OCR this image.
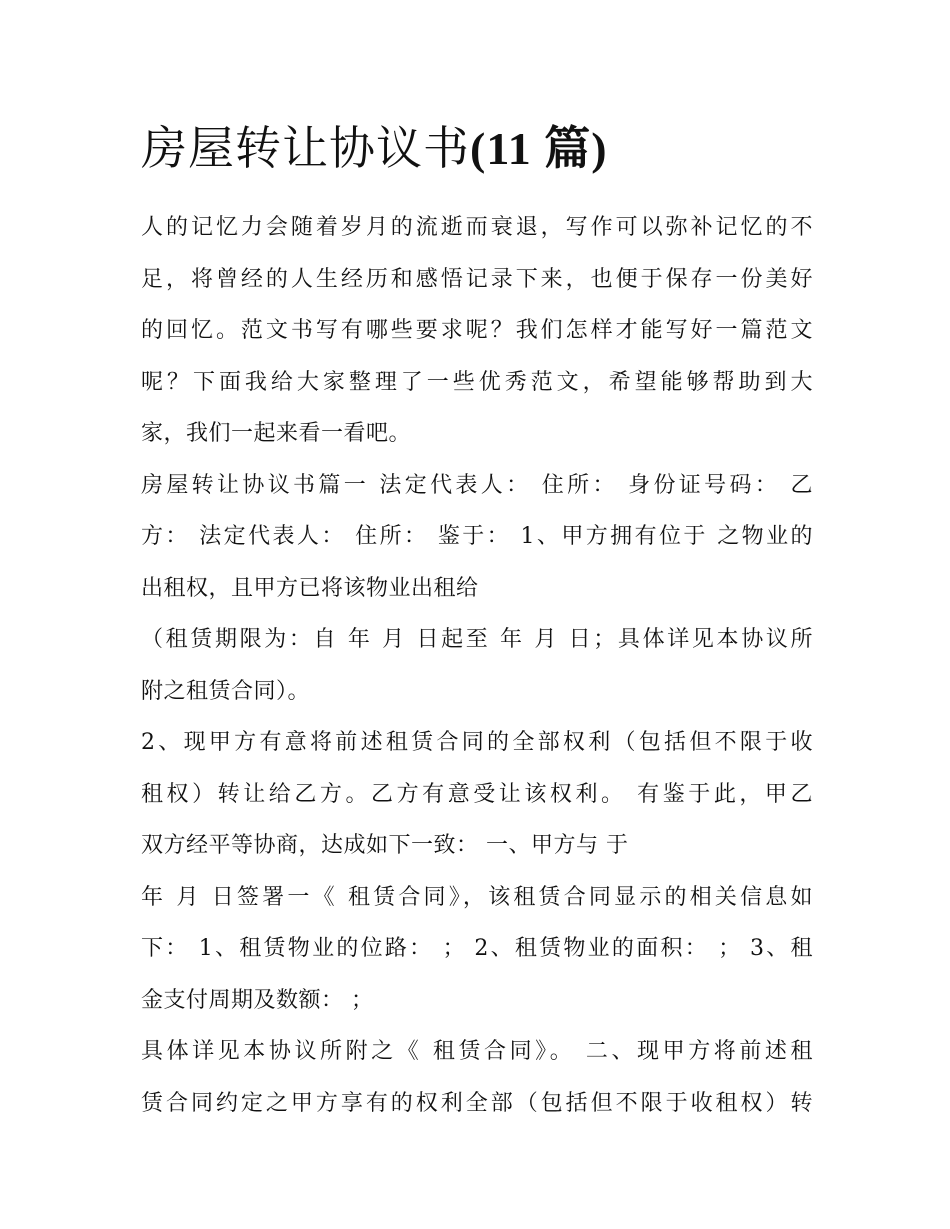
房屋转让协议书(11 篇)
人的记忆力会随着岁月的流逝而衰退，写作可以弥补记忆的不
足，将曾经的人生经历和感悟记录下来，也便于保存一份美好
的回忆。范文书写有哪些要求呢？我们怎样才能写好一篇范文
呢？下面我给大家整理了一些优秀范文，希望能够帮助到大
家，我们一起来看一看吧。
房屋转让协议书篇一 法定代表人： 住所： 身份证号码： 乙
方： 法定代表人： 住所： 鉴于： 1、甲方拥有位于 之物业的
出租权，且甲方已将该物业出租给
（租赁期限为：自 年 月 日起至 年 月 日；具体详见本协议所
附之租赁合同）。
2、现甲方有意将前述租赁合同的全部权利（包括但不限于收
租权）转让给乙方。乙方有意受让该权利。 有鉴于此，甲乙
双方经平等协商，达成如下一致： 一、甲方与 于
年 月 日签署一《 租赁合同》，该租赁合同显示的相关信息如
下： 1、租赁物业的位路： ； 2、租赁物业的面积： ； 3、租
金支付周期及数额： ；
具体详见本协议所附之《 租赁合同》。 二、现甲方将前述租
赁合同约定之甲方享有的权利全部（包括但不限于收租权）转
